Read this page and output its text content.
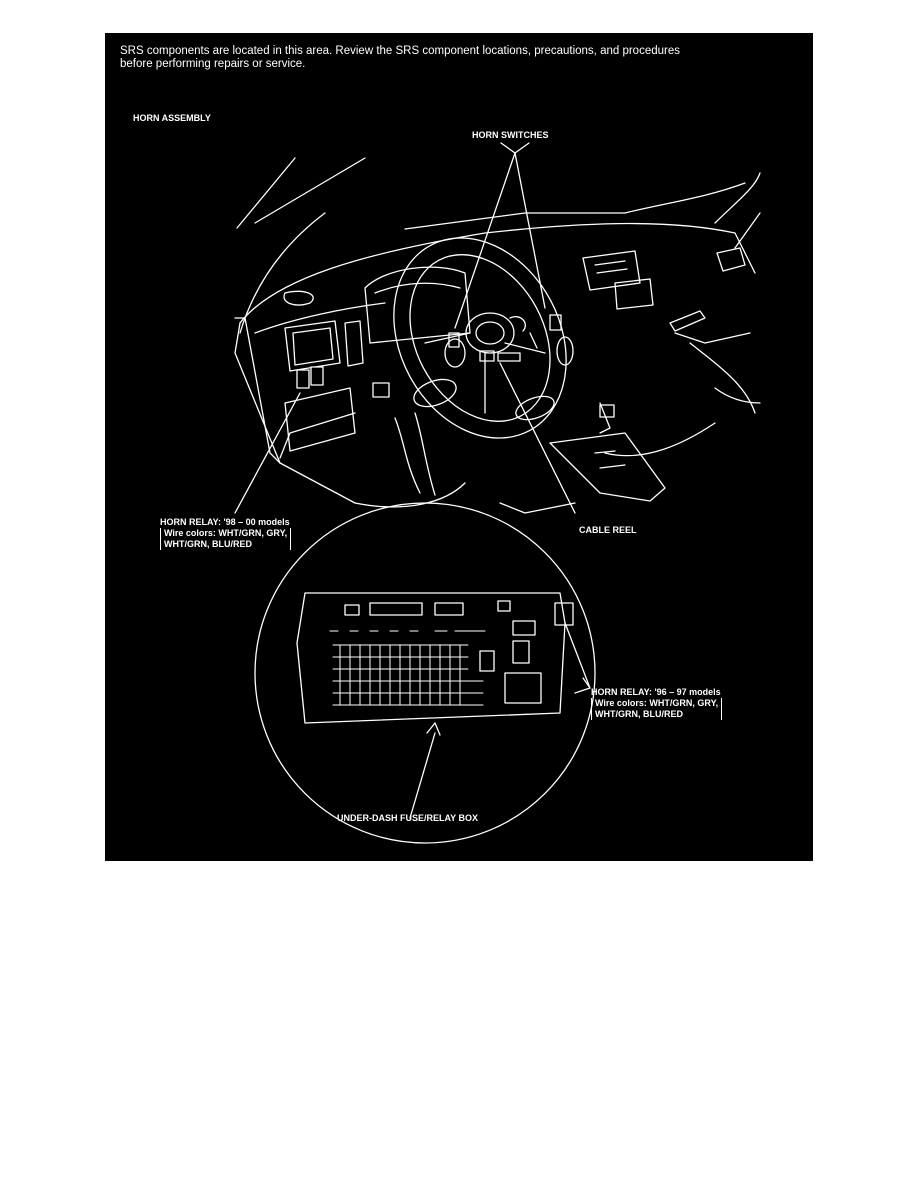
SRS components are located in this area. Review the SRS component locations, precautions, and procedures
before performing repairs or service.
HORN ASSEMBLY
HORN SWITCHES
CABLE REEL
HORN RELAY: '98 – 00 models
Wire colors: WHT/GRN, GRY,
WHT/GRN, BLU/RED
HORN RELAY: '96 – 97 models
Wire colors: WHT/GRN, GRY,
WHT/GRN, BLU/RED
UNDER-DASH FUSE/RELAY BOX
